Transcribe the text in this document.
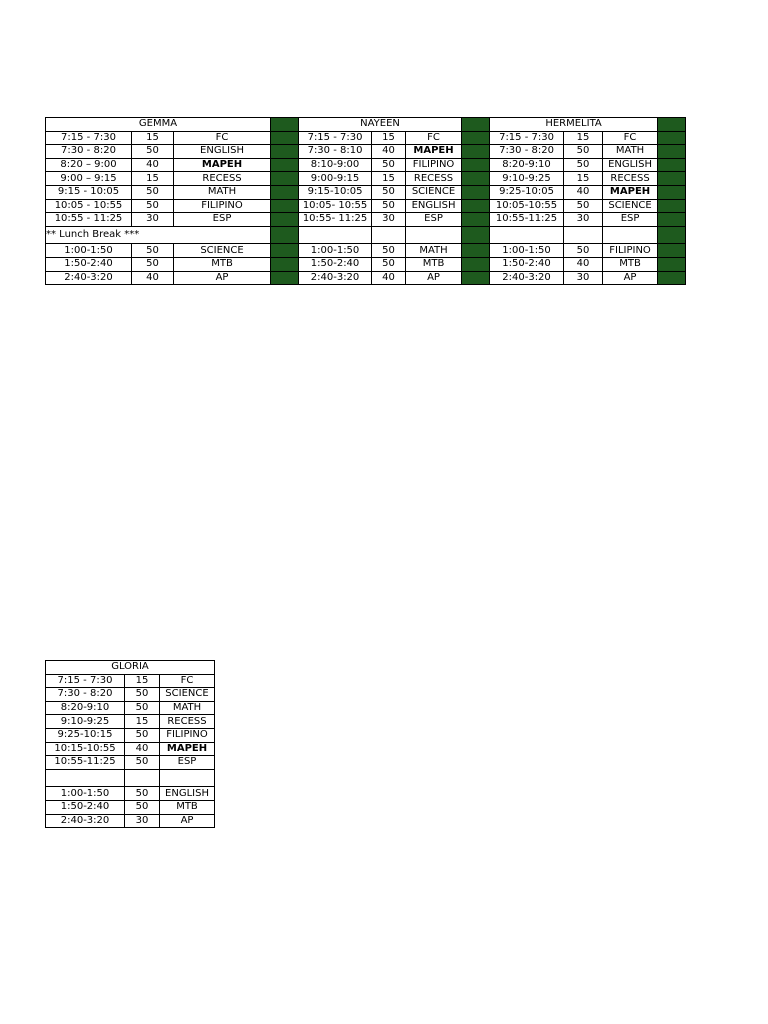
GEMMA				NAYEEN				HERMELITA			
7:15 - 7:30	15	FC		7:15 - 7:30	15	FC		7:15 - 7:30	15	FC	
7:30 - 8:20	50	ENGLISH		7:30 - 8:10	40	MAPEH		7:30 - 8:20	50	MATH	
8:20 – 9:00	40	MAPEH		8:10-9:00	50	FILIPINO		8:20-9:10	50	ENGLISH	
9:00 – 9:15	15	RECESS		9:00-9:15	15	RECESS		9:10-9:25	15	RECESS	
9:15 - 10:05	50	MATH		9:15-10:05	50	SCIENCE		9:25-10:05	40	MAPEH	
10:05 - 10:55	50	FILIPINO		10:05- 10:55	50	ENGLISH		10:05-10:55	50	SCIENCE	
10:55 - 11:25	30	ESP		10:55- 11:25	30	ESP		10:55-11:25	30	ESP	
** Lunch Break ***											
1:00-1:50	50	SCIENCE		1:00-1:50	50	MATH		1:00-1:50	50	FILIPINO	
1:50-2:40	50	MTB		1:50-2:40	50	MTB		1:50-2:40	40	MTB	
2:40-3:20	40	AP		2:40-3:20	40	AP		2:40-3:20	30	AP	
GLORIA		
7:15 - 7:30	15	FC
7:30 - 8:20	50	SCIENCE
8:20-9:10	50	MATH
9:10-9:25	15	RECESS
9:25-10:15	50	FILIPINO
10:15-10:55	40	MAPEH
10:55-11:25	50	ESP

1:00-1:50	50	ENGLISH
1:50-2:40	50	MTB
2:40-3:20	30	AP
